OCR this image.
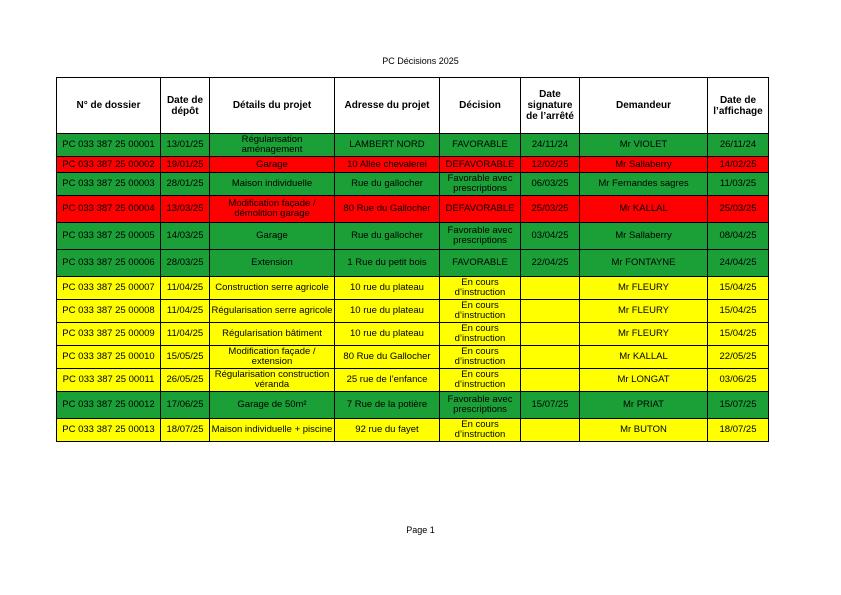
PC Décisions 2025
N° de dossier	Date de dépôt	Détails du projet	Adresse du projet	Décision	Date signature de l’arrêté	Demandeur	Date de l’affichage
PC 033 387 25 00001	13/01/25	Régularisation aménagement	LAMBERT NORD	FAVORABLE	24/11/24	Mr VIOLET	26/11/24
PC 033 387 25 00002	19/01/25	Garage	10 Allée chevalerei	DEFAVORABLE	12/02/25	Mr Sallaberry	14/02/25
PC 033 387 25 00003	28/01/25	Maison individuelle	Rue du gallocher	Favorable avec prescriptions	06/03/25	Mr Fernandes sagres	11/03/25
PC 033 387 25 00004	13/03/25	Modification façade / démolition garage	80 Rue du Gallocher	DEFAVORABLE	25/03/25	Mr KALLAL	25/03/25
PC 033 387 25 00005	14/03/25	Garage	Rue du gallocher	Favorable avec prescriptions	03/04/25	Mr Sallaberry	08/04/25
PC 033 387 25 00006	28/03/25	Extension	1 Rue du petit bois	FAVORABLE	22/04/25	Mr FONTAYNE	24/04/25
PC 033 387 25 00007	11/04/25	Construction serre agricole	10 rue du plateau	En cours d’instruction		Mr FLEURY	15/04/25
PC 033 387 25 00008	11/04/25	Régularisation serre agricole	10 rue du plateau	En cours d’instruction		Mr FLEURY	15/04/25
PC 033 387 25 00009	11/04/25	Régularisation bâtiment	10 rue du plateau	En cours d’instruction		Mr FLEURY	15/04/25
PC 033 387 25 00010	15/05/25	Modification façade / extension	80 Rue du Gallocher	En cours d’instruction		Mr KALLAL	22/05/25
PC 033 387 25 00011	26/05/25	Régularisation construction véranda	25 rue de l’enfance	En cours d’instruction		Mr LONGAT	03/06/25
PC 033 387 25 00012	17/06/25	Garage de 50m²	7 Rue de la potière	Favorable avec prescriptions	15/07/25	Mr PRIAT	15/07/25
PC 033 387 25 00013	18/07/25	Maison individuelle + piscine	92 rue du fayet	En cours d’instruction		Mr BUTON	18/07/25
Page 1
